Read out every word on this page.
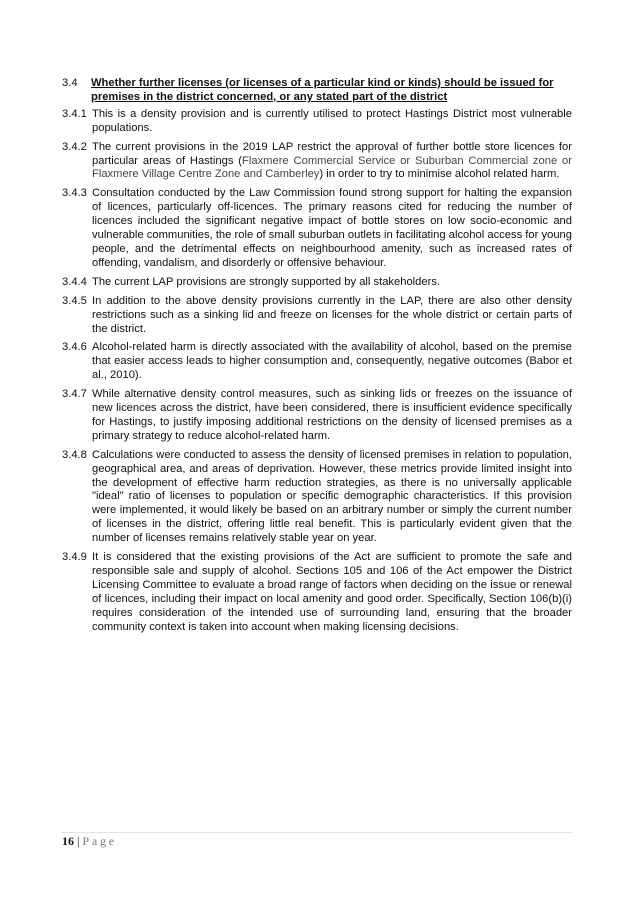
3.4	Whether further licenses (or licenses of a particular kind or kinds) should be issued for premises in the district concerned, or any stated part of the district
3.4.1 This is a density provision and is currently utilised to protect Hastings District most vulnerable populations.
3.4.2 The current provisions in the 2019 LAP restrict the approval of further bottle store licences for particular areas of Hastings (Flaxmere Commercial Service or Suburban Commercial zone or Flaxmere Village Centre Zone and Camberley) in order to try to minimise alcohol related harm.
3.4.3 Consultation conducted by the Law Commission found strong support for halting the expansion of licences, particularly off-licences. The primary reasons cited for reducing the number of licences included the significant negative impact of bottle stores on low socio-economic and vulnerable communities, the role of small suburban outlets in facilitating alcohol access for young people, and the detrimental effects on neighbourhood amenity, such as increased rates of offending, vandalism, and disorderly or offensive behaviour.
3.4.4 The current LAP provisions are strongly supported by all stakeholders.
3.4.5 In addition to the above density provisions currently in the LAP, there are also other density restrictions such as a sinking lid and freeze on licenses for the whole district or certain parts of the district.
3.4.6 Alcohol-related harm is directly associated with the availability of alcohol, based on the premise that easier access leads to higher consumption and, consequently, negative outcomes (Babor et al., 2010).
3.4.7 While alternative density control measures, such as sinking lids or freezes on the issuance of new licences across the district, have been considered, there is insufficient evidence specifically for Hastings, to justify imposing additional restrictions on the density of licensed premises as a primary strategy to reduce alcohol-related harm.
3.4.8 Calculations were conducted to assess the density of licensed premises in relation to population, geographical area, and areas of deprivation. However, these metrics provide limited insight into the development of effective harm reduction strategies, as there is no universally applicable "ideal" ratio of licenses to population or specific demographic characteristics. If this provision were implemented, it would likely be based on an arbitrary number or simply the current number of licenses in the district, offering little real benefit. This is particularly evident given that the number of licenses remains relatively stable year on year.
3.4.9 It is considered that the existing provisions of the Act are sufficient to promote the safe and responsible sale and supply of alcohol. Sections 105 and 106 of the Act empower the District Licensing Committee to evaluate a broad range of factors when deciding on the issue or renewal of licences, including their impact on local amenity and good order. Specifically, Section 106(b)(i) requires consideration of the intended use of surrounding land, ensuring that the broader community context is taken into account when making licensing decisions.
16 | Page
